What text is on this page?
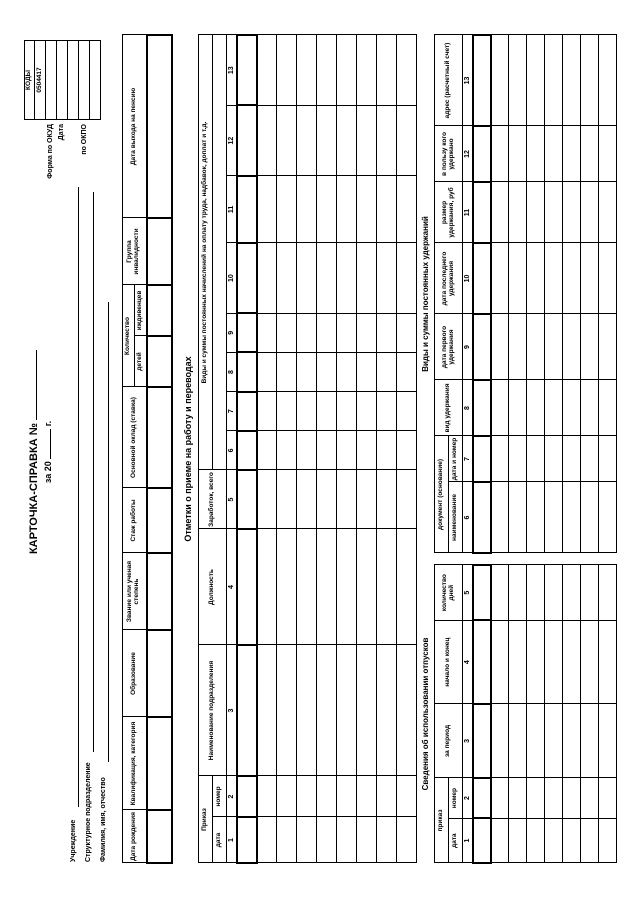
КАРТОЧКА-СПРАВКА № за 20  г.
КОДЫ
0504417

Форма по ОКУД Дата по ОКПО
Учреждение Структурное подразделение Фамилия, имя, отчество	Дата рождения	Квалификация, категория	Образование	Звание или ученая степень	Стаж работы	Основной оклад (ставка)	Количество		Группа инвалидности	Дата выхода на пенсию
						детей	иждивенцев		

Отметки о приеме на работу и переводах
Приказ		Наименование подразделения	Должность	Заработок, всего	Виды и суммы постоянных начислений на оплату труда, надбавок, доплат и т.д.							
дата	номер											
1	2	3	4	5	6	7	8	9	10	11	12	13

Сведения об использовании отпусков
приказ		за период	начало и конец	количество дней
дата	номер			
1	2	3	4	5

Виды и суммы постоянных удержаний
документ (основание)		вид удержания	дата первого удержания	дата последнего удержания	размер удержания, руб	в пользу кого удержано	адрес (расчетный счет)
наименование	дата и номер						
6	7	8	9	10	11	12	13
